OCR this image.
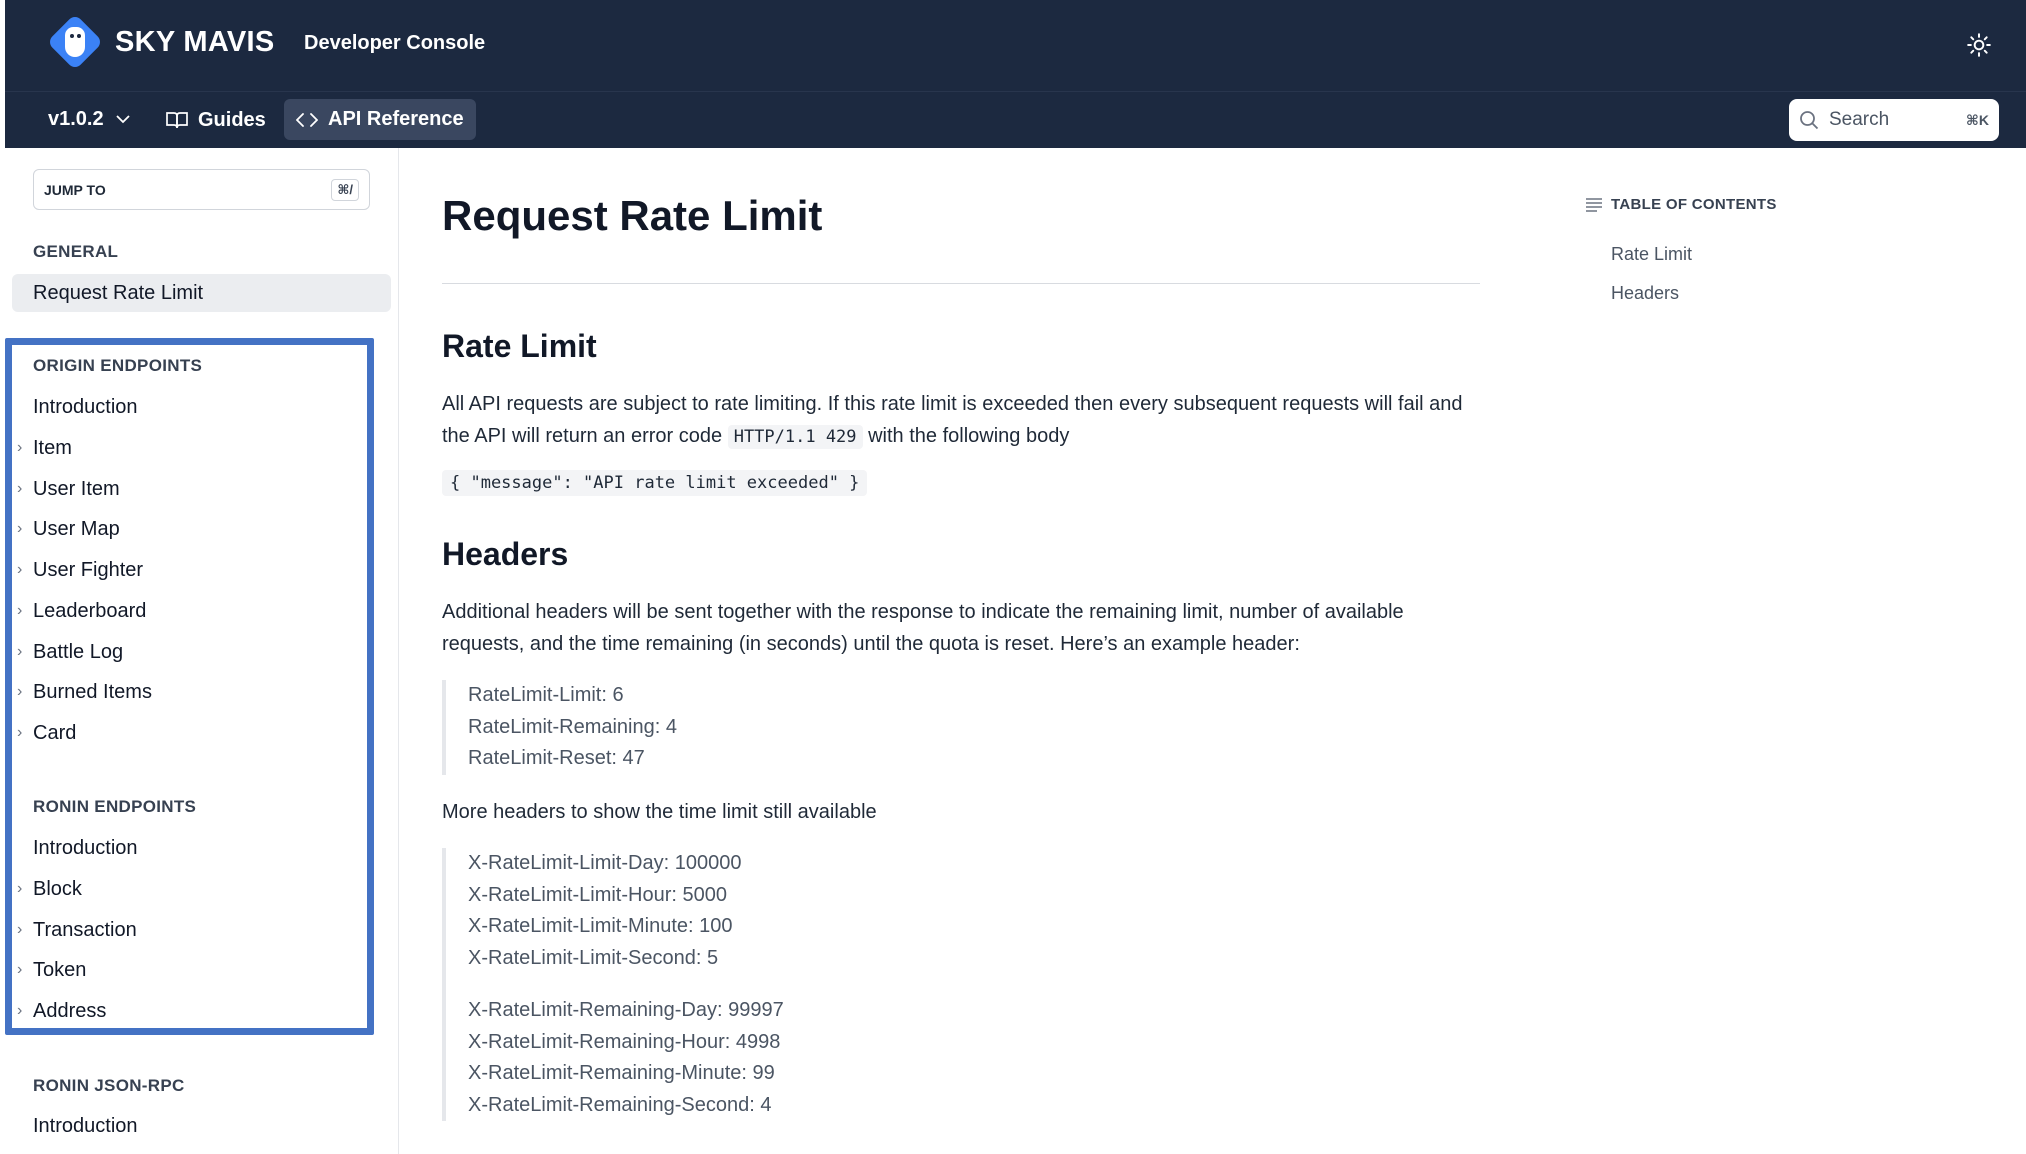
SKY MAVIS Developer Console
v1.0.2	Guides	API Reference	Search	⌘K
JUMP TO	⌘/
GENERAL
Request Rate Limit
ORIGIN ENDPOINTS
Introduction
› Item
› User Item
› User Map
› User Fighter
› Leaderboard
› Battle Log
› Burned Items
› Card
RONIN ENDPOINTS
Introduction
› Block
› Transaction
› Token
› Address
RONIN JSON-RPC
Introduction
Request Rate Limit
Rate Limit

All API requests are subject to rate limiting. If this rate limit is exceeded then every subsequent requests will fail and the API will return an error code HTTP/1.1 429 with the following body

{ "message": "API rate limit exceeded" }
Headers

Additional headers will be sent together with the response to indicate the remaining limit, number of available requests, and the time remaining (in seconds) until the quota is reset. Here’s an example header:

RateLimit-Limit: 6
RateLimit-Remaining: 4
RateLimit-Reset: 47

More headers to show the time limit still available

X-RateLimit-Limit-Day: 100000
X-RateLimit-Limit-Hour: 5000
X-RateLimit-Limit-Minute: 100
X-RateLimit-Limit-Second: 5
X-RateLimit-Remaining-Day: 99997
X-RateLimit-Remaining-Hour: 4998
X-RateLimit-Remaining-Minute: 99
X-RateLimit-Remaining-Second: 4
TABLE OF CONTENTS
Rate Limit
Headers
